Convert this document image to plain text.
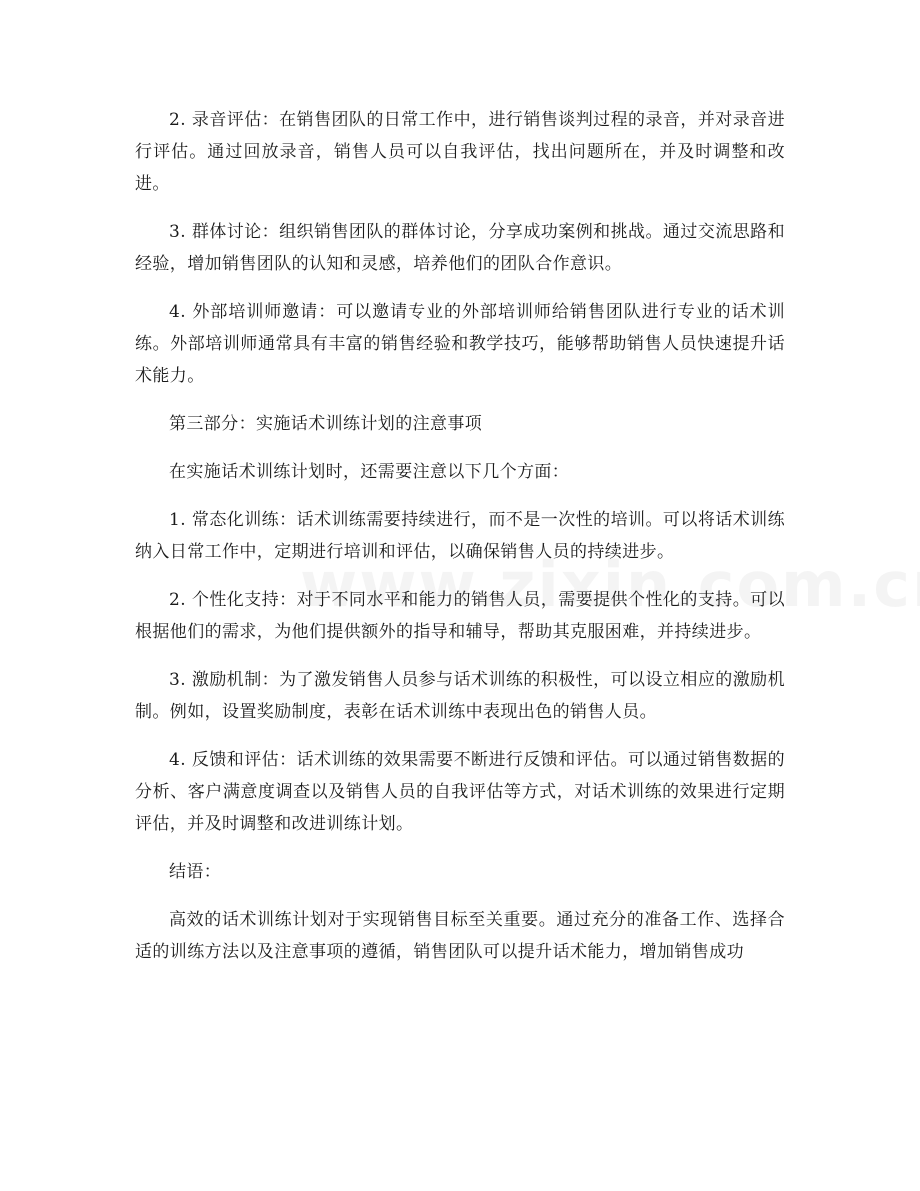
2. 录音评估：在销售团队的日常工作中，进行销售谈判过程的录音，并对录音进行评估。通过回放录音，销售人员可以自我评估，找出问题所在，并及时调整和改进。

3. 群体讨论：组织销售团队的群体讨论，分享成功案例和挑战。通过交流思路和经验，增加销售团队的认知和灵感，培养他们的团队合作意识。

4. 外部培训师邀请：可以邀请专业的外部培训师给销售团队进行专业的话术训练。外部培训师通常具有丰富的销售经验和教学技巧，能够帮助销售人员快速提升话术能力。

第三部分：实施话术训练计划的注意事项

在实施话术训练计划时，还需要注意以下几个方面：

1. 常态化训练：话术训练需要持续进行，而不是一次性的培训。可以将话术训练纳入日常工作中，定期进行培训和评估，以确保销售人员的持续进步。

2. 个性化支持：对于不同水平和能力的销售人员，需要提供个性化的支持。可以根据他们的需求，为他们提供额外的指导和辅导，帮助其克服困难，并持续进步。

3. 激励机制：为了激发销售人员参与话术训练的积极性，可以设立相应的激励机制。例如，设置奖励制度，表彰在话术训练中表现出色的销售人员。

4. 反馈和评估：话术训练的效果需要不断进行反馈和评估。可以通过销售数据的分析、客户满意度调查以及销售人员的自我评估等方式，对话术训练的效果进行定期评估，并及时调整和改进训练计划。

结语：

高效的话术训练计划对于实现销售目标至关重要。通过充分的准备工作、选择合适的训练方法以及注意事项的遵循，销售团队可以提升话术能力，增加销售成功
